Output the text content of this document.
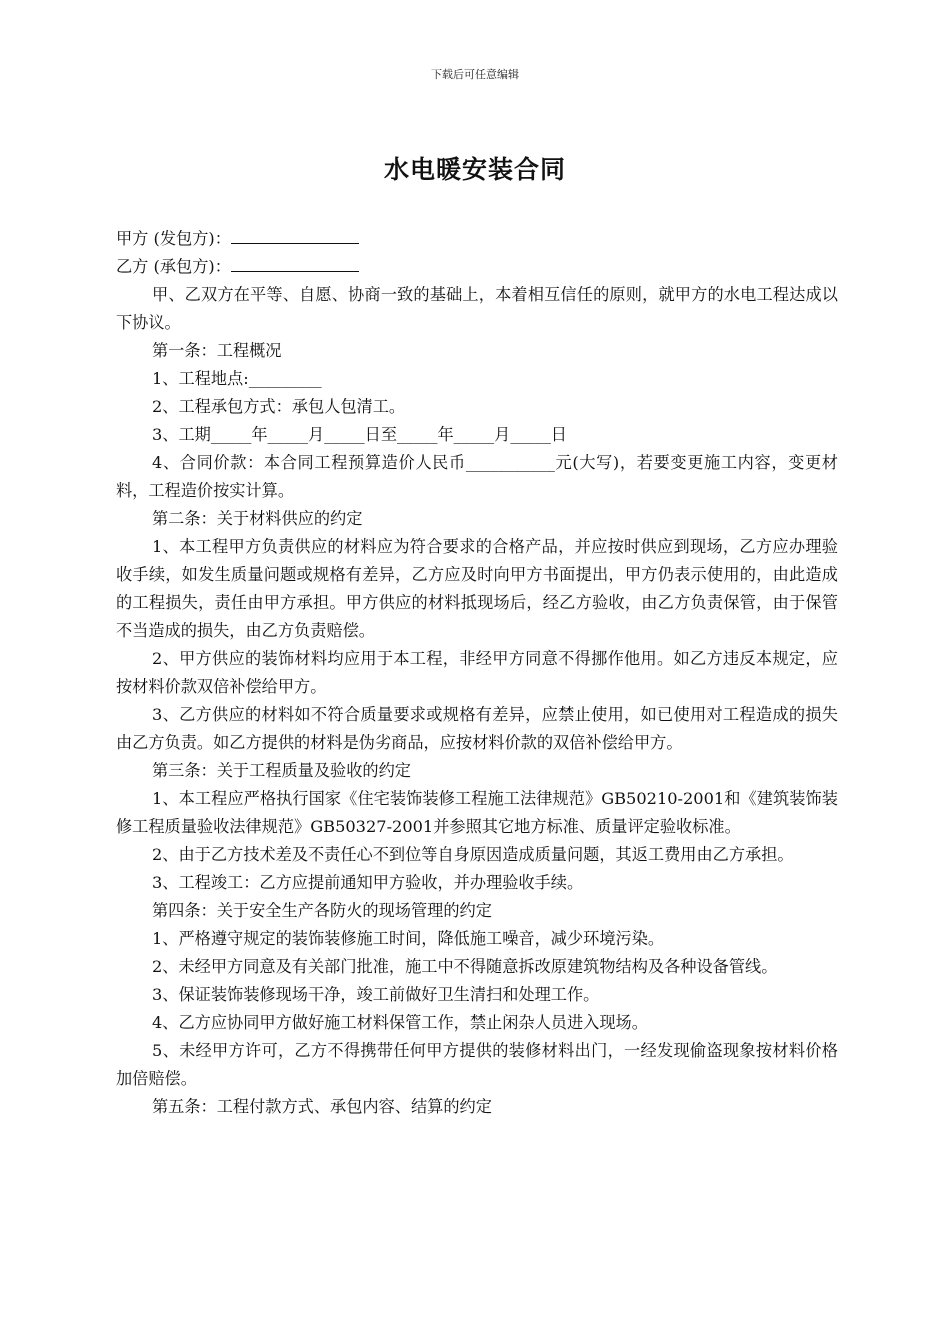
下载后可任意编辑
水电暖安装合同

甲方 (发包方)：

乙方 (承包方)：

甲、乙双方在平等、自愿、协商一致的基础上，本着相互信任的原则，就甲方的水电工程达成以下协议。

第一条：工程概况

1、工程地点:_________

2、工程承包方式：承包人包清工。

3、工期_____年_____月_____日至_____年_____月_____日

4、合同价款：本合同工程预算造价人民币___________元(大写)，若要变更施工内容，变更材料，工程造价按实计算。

第二条：关于材料供应的约定

1、本工程甲方负责供应的材料应为符合要求的合格产品，并应按时供应到现场，乙方应办理验收手续，如发生质量问题或规格有差异，乙方应及时向甲方书面提出，甲方仍表示使用的，由此造成的工程损失，责任由甲方承担。甲方供应的材料抵现场后，经乙方验收，由乙方负责保管，由于保管不当造成的损失，由乙方负责赔偿。

2、甲方供应的装饰材料均应用于本工程，非经甲方同意不得挪作他用。如乙方违反本规定，应按材料价款双倍补偿给甲方。

3、乙方供应的材料如不符合质量要求或规格有差异，应禁止使用，如已使用对工程造成的损失由乙方负责。如乙方提供的材料是伪劣商品，应按材料价款的双倍补偿给甲方。

第三条：关于工程质量及验收的约定

1、本工程应严格执行国家《住宅装饰装修工程施工法律规范》GB50210-2001和《建筑装饰装修工程质量验收法律规范》GB50327-2001并参照其它地方标准、质量评定验收标准。

2、由于乙方技术差及不责任心不到位等自身原因造成质量问题，其返工费用由乙方承担。

3、工程竣工：乙方应提前通知甲方验收，并办理验收手续。

第四条：关于安全生产各防火的现场管理的约定

1、严格遵守规定的装饰装修施工时间，降低施工噪音，减少环境污染。

2、未经甲方同意及有关部门批准，施工中不得随意拆改原建筑物结构及各种设备管线。

3、保证装饰装修现场干净，竣工前做好卫生清扫和处理工作。

4、乙方应协同甲方做好施工材料保管工作，禁止闲杂人员进入现场。

5、未经甲方许可，乙方不得携带任何甲方提供的装修材料出门，一经发现偷盗现象按材料价格加倍赔偿。

第五条：工程付款方式、承包内容、结算的约定
